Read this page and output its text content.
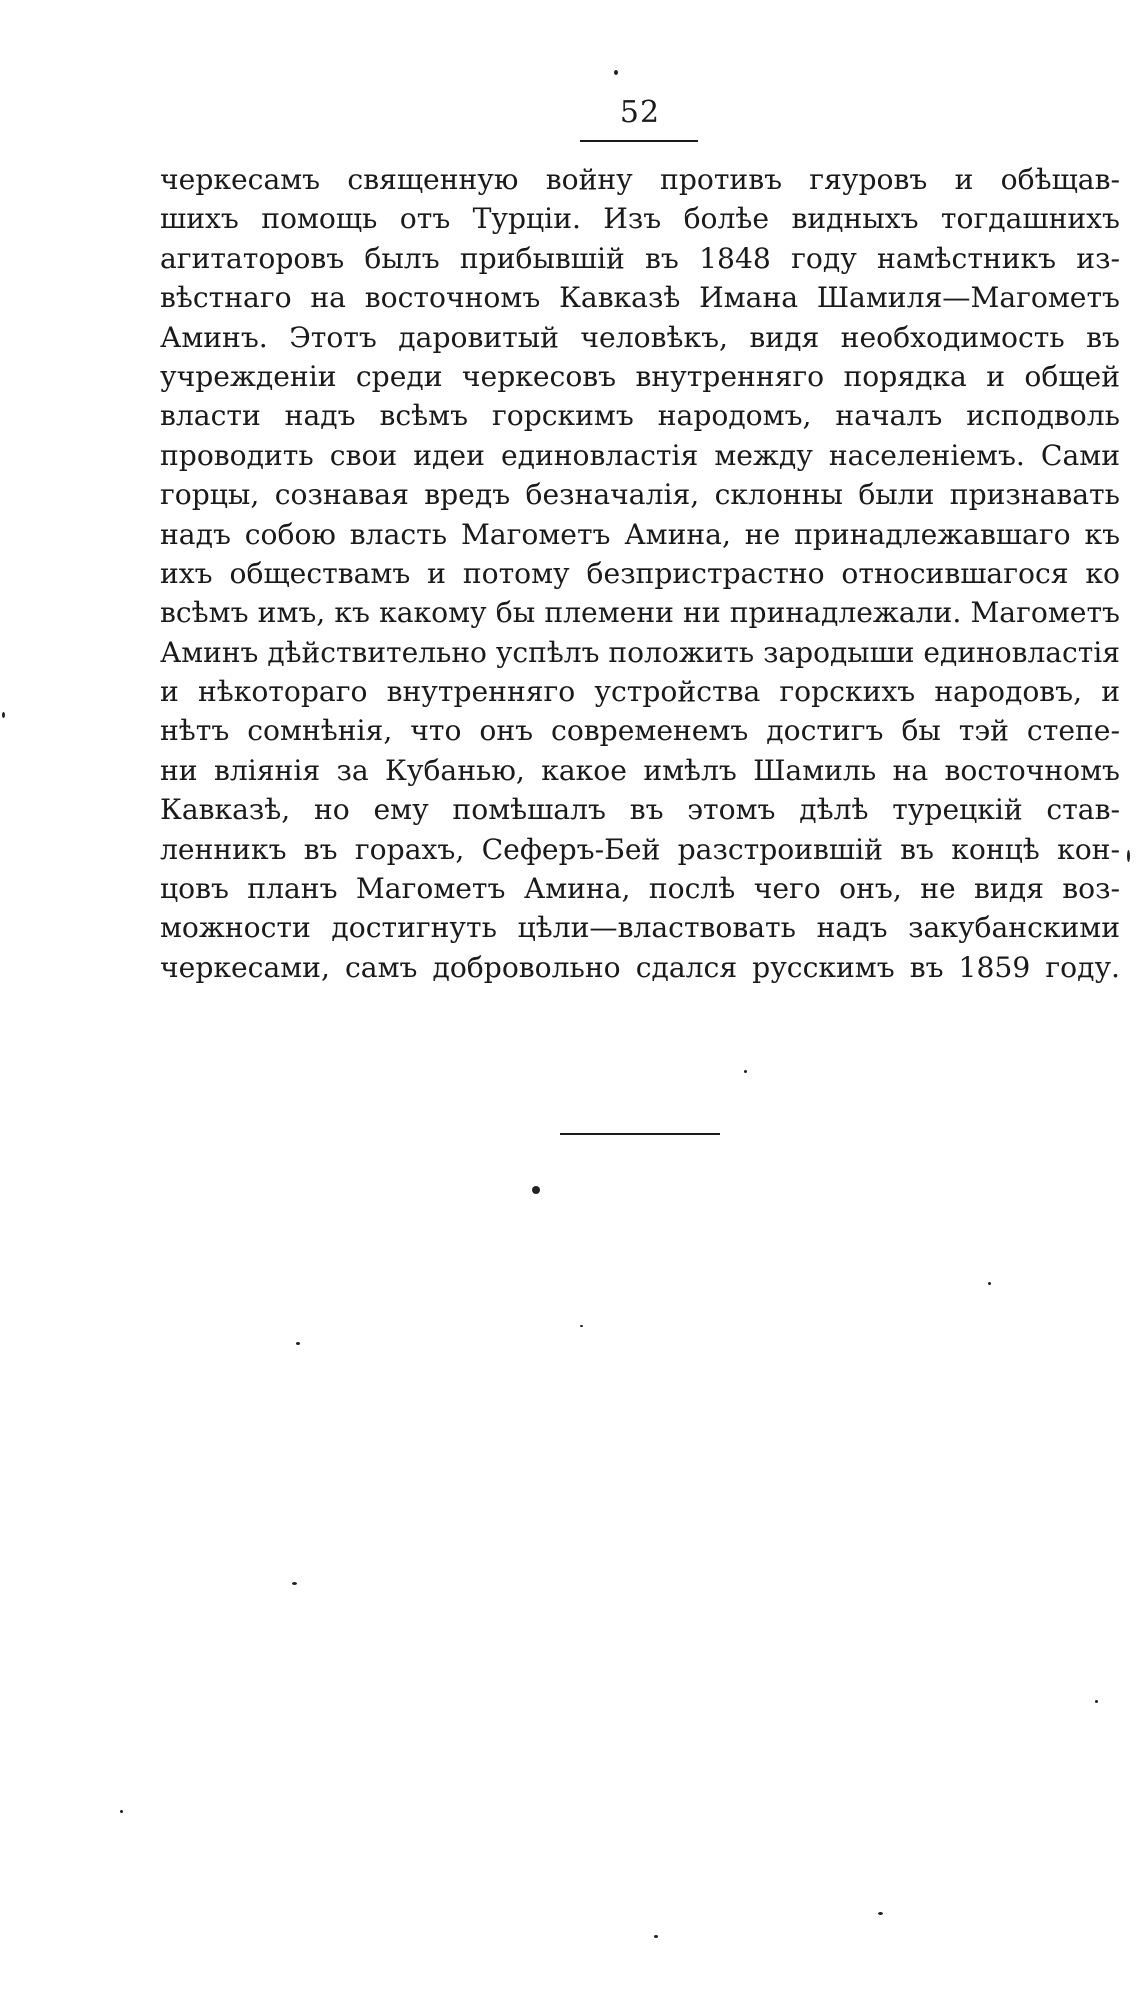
52
черкесамъ священную войну противъ гяуровъ и обѣщав-
шихъ помощь отъ Турціи. Изъ болѣе видныхъ тогдашнихъ
агитаторовъ былъ прибывшій въ 1848 году намѣстникъ из-
вѣстнаго на восточномъ Кавказѣ Имана Шамиля—Магометъ
Аминъ. Этотъ даровитый человѣкъ, видя необходимость въ
учрежденіи среди черкесовъ внутренняго порядка и общей
власти надъ всѣмъ горскимъ народомъ, началъ исподволь
проводить свои идеи единовластія между населеніемъ. Сами
горцы, сознавая вредъ безначалія, склонны были признавать
надъ собою власть Магометъ Амина, не принадлежавшаго къ
ихъ обществамъ и потому безпристрастно относившагося ко
всѣмъ имъ, къ какому бы племени ни принадлежали. Магометъ
Аминъ дѣйствительно успѣлъ положить зародыши единовластія
и нѣкотораго внутренняго устройства горскихъ народовъ, и
нѣтъ сомнѣнія, что онъ современемъ достигъ бы тэй степе-
ни вліянія за Кубанью, какое имѣлъ Шамиль на восточномъ
Кавказѣ, но ему помѣшалъ въ этомъ дѣлѣ турецкій став-
ленникъ въ горахъ, Сеферъ-Бей разстроившій въ концѣ кон-
цовъ планъ Магометъ Амина, послѣ чего онъ, не видя воз-
можности достигнуть цѣли—властвовать надъ закубанскими
черкесами, самъ добровольно сдался русскимъ въ 1859 году.
